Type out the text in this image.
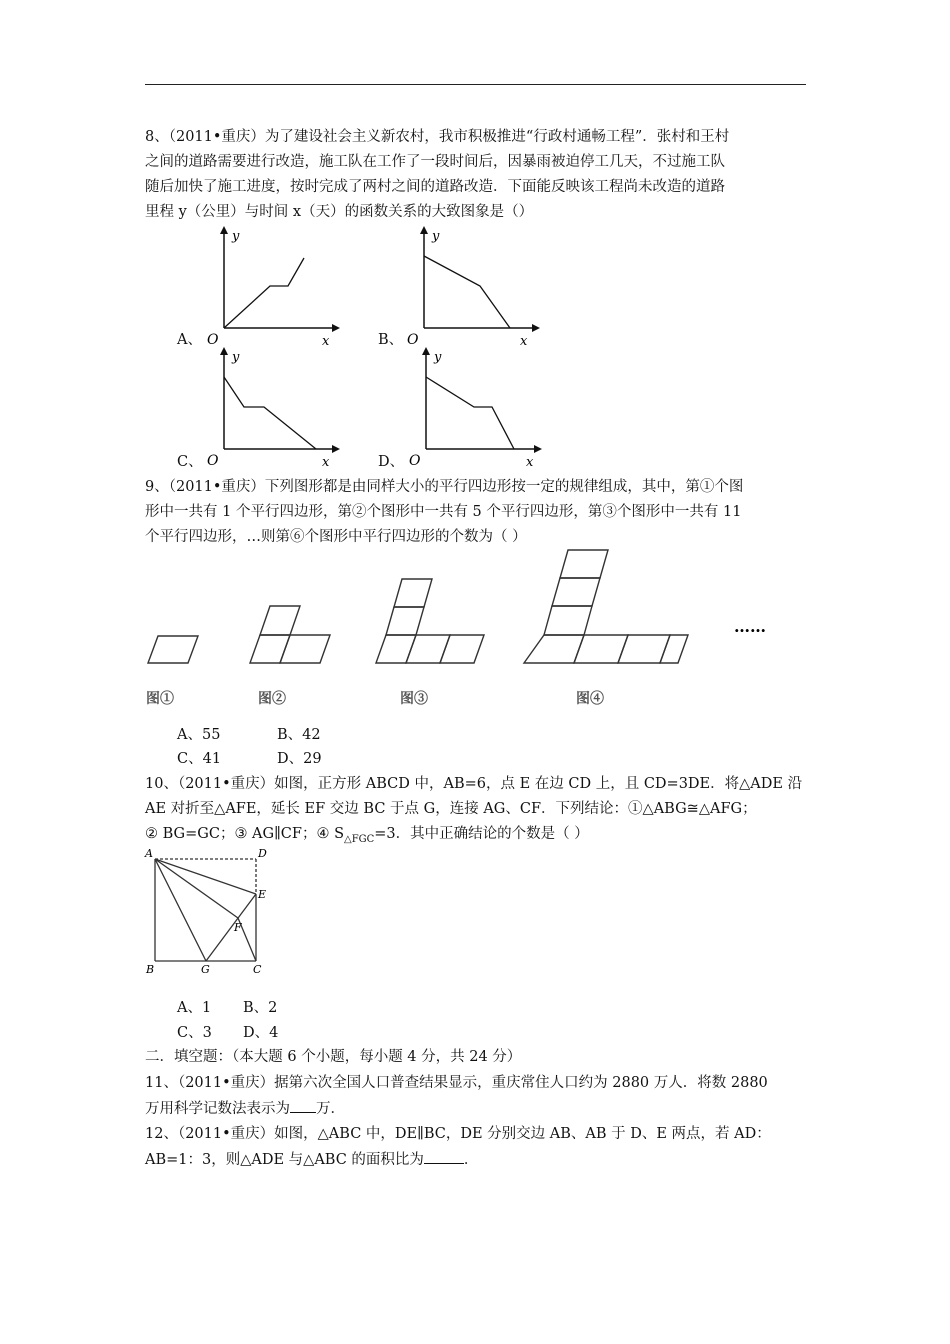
8、（2011•重庆）为了建设社会主义新农村，我市积极推进“行政村通畅工程”．张村和王村
之间的道路需要进行改造，施工队在工作了一段时间后，因暴雨被迫停工几天，不过施工队
随后加快了施工进度，按时完成了两村之间的道路改造．下面能反映该工程尚未改造的道路
里程 y（公里）与时间 x（天）的函数关系的大致图象是（）
A、
y
x
O	B、
y
x
O
C、
y
x
O	D、
y
x
O
9、（2011•重庆）下列图形都是由同样大小的平行四边形按一定的规律组成，其中，第①个图
形中一共有 1 个平行四边形，第②个图形中一共有 5 个平行四边形，第③个图形中一共有 11
个平行四边形，…则第⑥个图形中平行四边形的个数为（ ）
……
图①	图②	图③	图④
A、55	B、42
C、41	D、29
10、（2011•重庆）如图，正方形 ABCD 中，AB=6，点 E 在边 CD 上，且 CD=3DE．将△ADE 沿
AE 对折至△AFE，延长 EF 交边 BC 于点 G，连接 AG、CF．下列结论：①△ABG≅△AFG；
② BG=GC；③ AG∥CF；④ $S_{\triangle FGC}=3$．其中正确结论的个数是（ ）
A	D
E
F
B	G	C
A、1 B、2
C、3 D、4
二．填空题：（本大题 6 个小题，每小题 4 分，共 24 分）
11、（2011•重庆）据第六次全国人口普查结果显示，重庆常住人口约为 2880 万人．将数 2880
万用科学记数法表示为 万．
12、（2011•重庆）如图，△ABC 中，DE∥BC，DE 分别交边 AB、AB 于 D、E 两点，若 AD：
AB=1：3，则△ADE 与△ABC 的面积比为	．
